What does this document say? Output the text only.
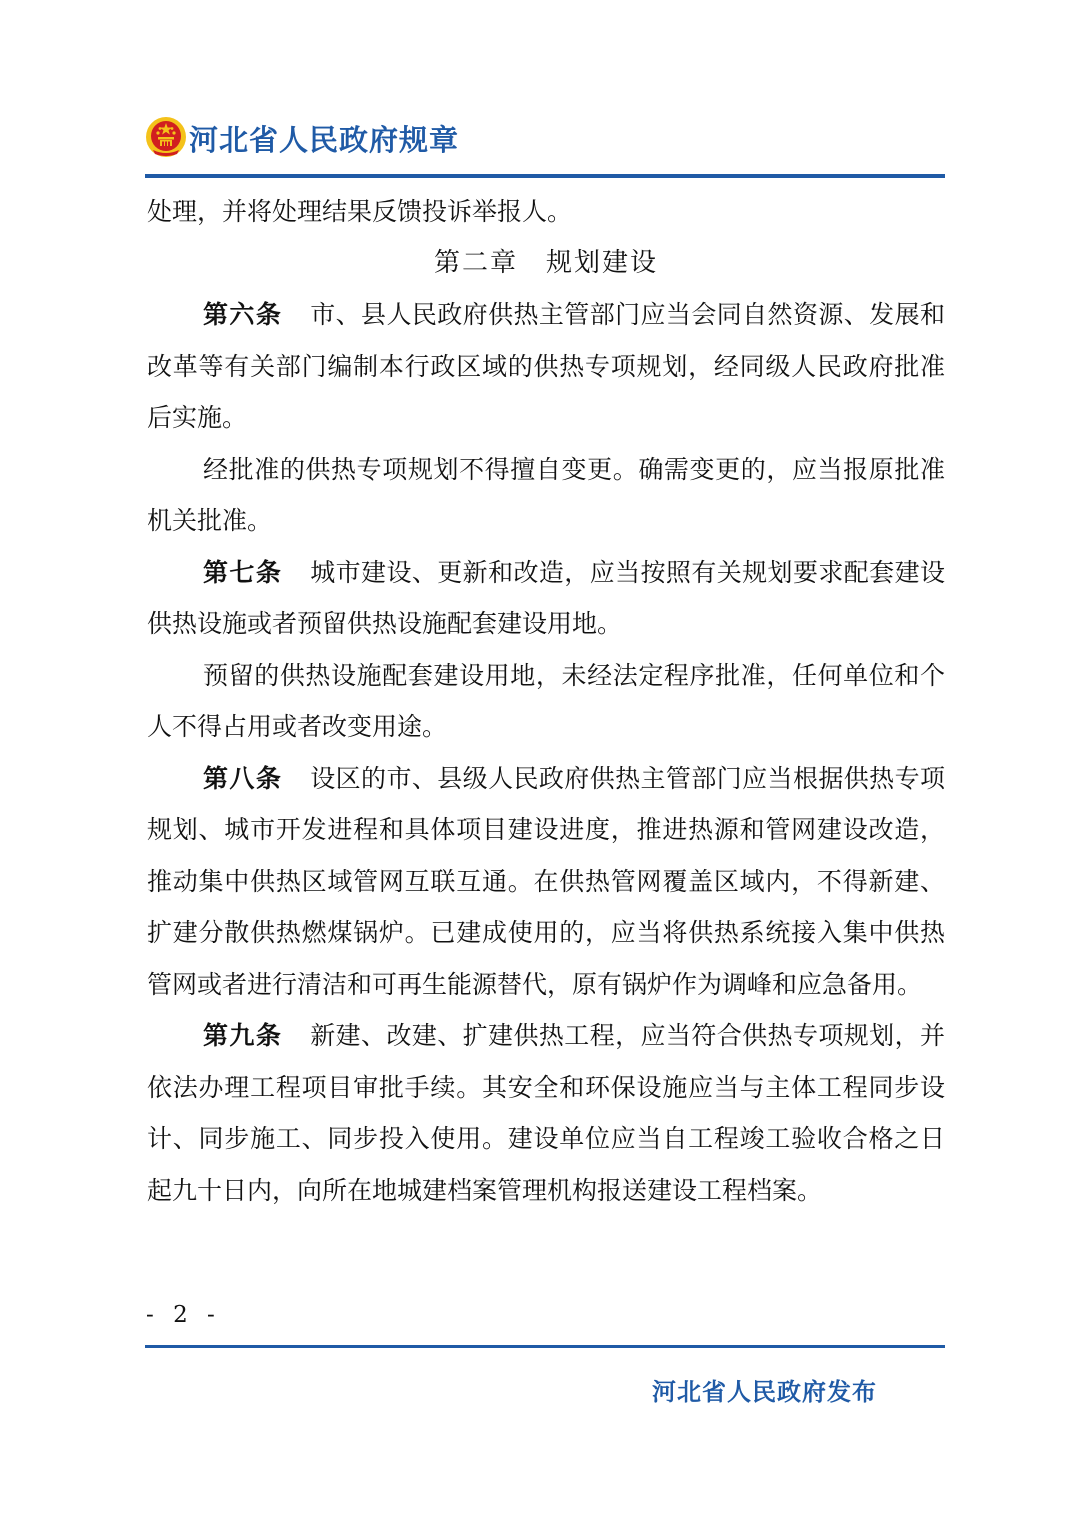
河北省人民政府规章

处理，并将处理结果反馈投诉举报人。

第二章　规划建设

第六条 市、县人民政府供热主管部门应当会同自然资源、发展和改革等有关部门编制本行政区域的供热专项规划，经同级人民政府批准后实施。

经批准的供热专项规划不得擅自变更。确需变更的，应当报原批准机关批准。

第七条 城市建设、更新和改造，应当按照有关规划要求配套建设供热设施或者预留供热设施配套建设用地。

预留的供热设施配套建设用地，未经法定程序批准，任何单位和个人不得占用或者改变用途。

第八条 设区的市、县级人民政府供热主管部门应当根据供热专项规划、城市开发进程和具体项目建设进度，推进热源和管网建设改造，推动集中供热区域管网互联互通。在供热管网覆盖区域内，不得新建、扩建分散供热燃煤锅炉。已建成使用的，应当将供热系统接入集中供热管网或者进行清洁和可再生能源替代，原有锅炉作为调峰和应急备用。

第九条 新建、改建、扩建供热工程，应当符合供热专项规划，并依法办理工程项目审批手续。其安全和环保设施应当与主体工程同步设计、同步施工、同步投入使用。建设单位应当自工程竣工验收合格之日起九十日内，向所在地城建档案管理机构报送建设工程档案。

- 2 -
河北省人民政府发布
